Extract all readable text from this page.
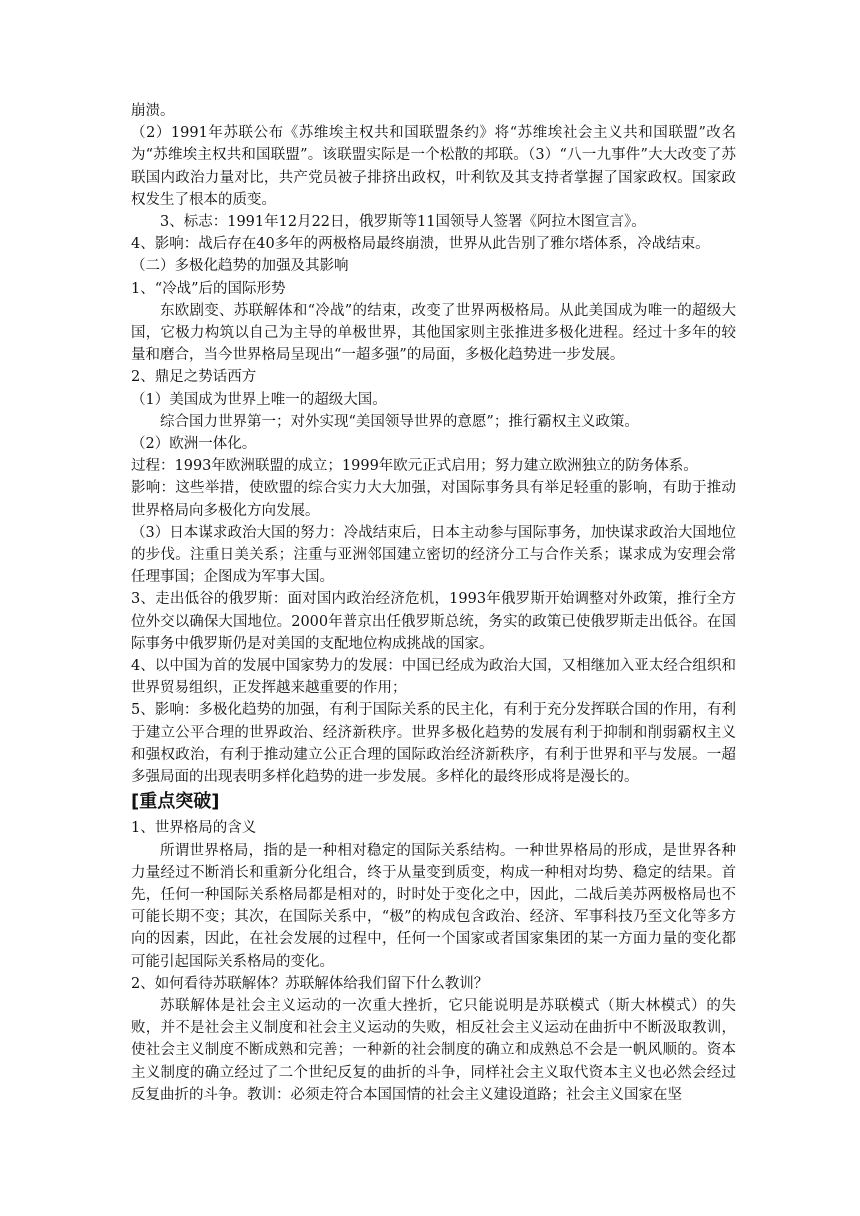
崩溃。

（2）1991年苏联公布《苏维埃主权共和国联盟条约》将“苏维埃社会主义共和国联盟”改名为“苏维埃主权共和国联盟”。该联盟实际是一个松散的邦联。（3）“八一九事件”大大改变了苏联国内政治力量对比，共产党员被子排挤出政权，叶利钦及其支持者掌握了国家政权。国家政权发生了根本的质变。

3、标志：1991年12月22日，俄罗斯等11国领导人签署《阿拉木图宣言》。

4、影响：战后存在40多年的两极格局最终崩溃，世界从此告别了雅尔塔体系，冷战结束。

（二）多极化趋势的加强及其影响

1、“冷战”后的国际形势

东欧剧变、苏联解体和“冷战”的结束，改变了世界两极格局。从此美国成为唯一的超级大国，它极力构筑以自己为主导的单极世界，其他国家则主张推进多极化进程。经过十多年的较量和磨合，当今世界格局呈现出“一超多强”的局面，多极化趋势进一步发展。

2、鼎足之势话西方

（1）美国成为世界上唯一的超级大国。

综合国力世界第一；对外实现“美国领导世界的意愿”；推行霸权主义政策。

（2）欧洲一体化。

过程：1993年欧洲联盟的成立；1999年欧元正式启用；努力建立欧洲独立的防务体系。

影响：这些举措，使欧盟的综合实力大大加强，对国际事务具有举足轻重的影响，有助于推动世界格局向多极化方向发展。

（3）日本谋求政治大国的努力：冷战结束后，日本主动参与国际事务，加快谋求政治大国地位的步伐。注重日美关系；注重与亚洲邻国建立密切的经济分工与合作关系；谋求成为安理会常任理事国；企图成为军事大国。

3、走出低谷的俄罗斯：面对国内政治经济危机，1993年俄罗斯开始调整对外政策，推行全方位外交以确保大国地位。2000年普京出任俄罗斯总统，务实的政策已使俄罗斯走出低谷。在国际事务中俄罗斯仍是对美国的支配地位构成挑战的国家。

4、以中国为首的发展中国家势力的发展：中国已经成为政治大国，又相继加入亚太经合组织和世界贸易组织，正发挥越来越重要的作用；

5、影响：多极化趋势的加强，有利于国际关系的民主化，有利于充分发挥联合国的作用，有利于建立公平合理的世界政治、经济新秩序。世界多极化趋势的发展有利于抑制和削弱霸权主义和强权政治，有利于推动建立公正合理的国际政治经济新秩序，有利于世界和平与发展。一超多强局面的出现表明多样化趋势的进一步发展。多样化的最终形成将是漫长的。

[重点突破]

1、世界格局的含义

所谓世界格局，指的是一种相对稳定的国际关系结构。一种世界格局的形成，是世界各种力量经过不断消长和重新分化组合，终于从量变到质变，构成一种相对均势、稳定的结果。首先，任何一种国际关系格局都是相对的，时时处于变化之中，因此，二战后美苏两极格局也不可能长期不变；其次，在国际关系中，“极”的构成包含政治、经济、军事科技乃至文化等多方向的因素，因此，在社会发展的过程中，任何一个国家或者国家集团的某一方面力量的变化都可能引起国际关系格局的变化。

2、如何看待苏联解体？苏联解体给我们留下什么教训？

苏联解体是社会主义运动的一次重大挫折，它只能说明是苏联模式（斯大林模式）的失败，并不是社会主义制度和社会主义运动的失败，相反社会主义运动在曲折中不断汲取教训，使社会主义制度不断成熟和完善；一种新的社会制度的确立和成熟总不会是一帆风顺的。资本主义制度的确立经过了二个世纪反复的曲折的斗争，同样社会主义取代资本主义也必然会经过反复曲折的斗争。教训：必须走符合本国国情的社会主义建设道路；社会主义国家在坚
